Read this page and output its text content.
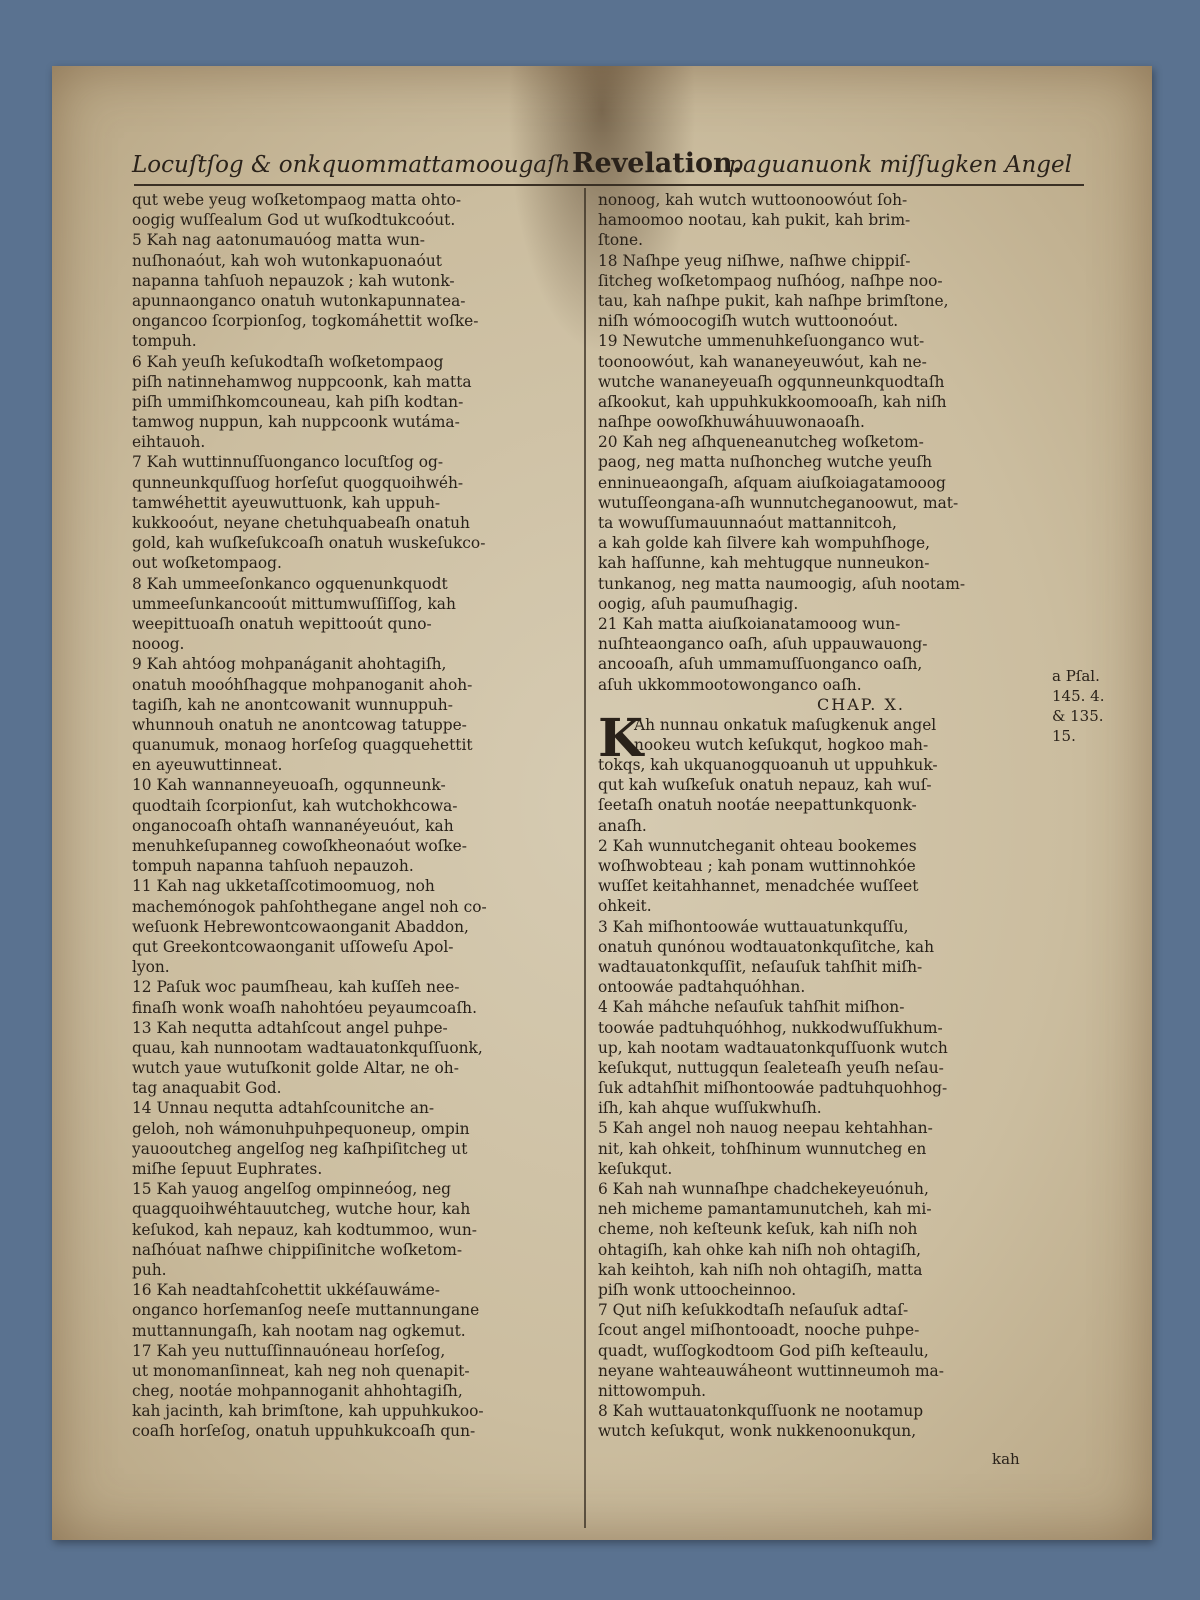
Locuſtſog & onkquommattamoougaſh Revelation.
paguanuonk miſſugken Angel
qut webe yeug woſketompaog matta ohto-
oogig wuſſealum God ut wuſkodtukcoóut.
5 Kah nag aatonumauóog matta wun-
nuſhonaóut, kah woh wutonkapuonaóut
napanna tahſuoh nepauzok ; kah wutonk-
apunnaonganco onatuh wutonkapunnatea-
ongancoo ſcorpionſog, togkomáhettit woſke-
tompuh.
6 Kah yeuſh keſukodtaſh woſketompaog
piſh natinnehamwog nuppcoonk, kah matta
piſh ummiſhkomcouneau, kah piſh kodtan-
tamwog nuppun, kah nuppcoonk wutáma-
eihtauoh.
7 Kah wuttinnuſſuonganco locuſtſog og-
qunneunkquſſuog horſeſut quogquoihwéh-
tamwéhettit ayeuwuttuonk, kah uppuh-
kukkooóut, neyane chetuhquabeaſh onatuh
gold, kah wuſkeſukcoaſh onatuh wuskeſukco-
out woſketompaog.
8 Kah ummeeſonkanco ogquenunkquodt
ummeeſunkancooút mittumwuſſiſſog, kah
weepittuoaſh onatuh wepittooút quno-
nooog.
9 Kah ahtóog mohpanáganit ahohtagiſh,
onatuh mooóhſhagque mohpanoganit ahoh-
tagiſh, kah ne anontcowanit wunnuppuh-
whunnouh onatuh ne anontcowag tatuppe-
quanumuk, monaog horſeſog quagquehettit
en ayeuwuttinneat.
10 Kah wannanneyeuoaſh, ogqunneunk-
quodtaih ſcorpionſut, kah wutchokhcowa-
onganocoaſh ohtaſh wannanéyeuóut, kah
menuhkeſupanneg cowoſkheonaóut woſke-
tompuh napanna tahſuoh nepauzoh.
11 Kah nag ukketaſſcotimoomuog, noh
machemónogok pahſohthegane angel noh co-
weſuonk Hebrewontcowaonganit Abaddon,
qut Greekontcowaonganit uſſoweſu Apol-
lyon.
12 Paſuk woc paumſheau, kah kuſſeh nee-
finaſh wonk woaſh nahohtóeu peyaumcoaſh.
13 Kah nequtta adtahſcout angel puhpe-
quau, kah nunnootam wadtauatonkquſſuonk,
wutch yaue wutuſkonit golde Altar, ne oh-
tag anaquabit God.
14 Unnau nequtta adtahſcounitche an-
geloh, noh wámonuhpuhpequoneup, ompin
yauooutcheg angelſog neg kaſhpiſitcheg ut
miſhe ſepuut Euphrates.
15 Kah yauog angelſog ompinneóog, neg
quagquoihwéhtauutcheg, wutche hour, kah
keſukod, kah nepauz, kah kodtummoo, wun-
naſhóuat naſhwe chippiſinitche woſketom-
puh.
16 Kah neadtahſcohettit ukkéſauwáme-
onganco horſemanſog neeſe muttannungane
muttannungaſh, kah nootam nag ogkemut.
17 Kah yeu nuttuſſinnauóneau horſeſog,
ut monomanſinneat, kah neg noh quenapit-
cheg, nootáe mohpannoganit ahhohtagiſh,
kah jacinth, kah brimſtone, kah uppuhkukoo-
coaſh horſeſog, onatuh uppuhkukcoaſh qun-
nonoog, kah wutch wuttoonoowóut ſoh-
hamoomoo nootau, kah pukit, kah brim-
ſtone.
18 Naſhpe yeug niſhwe, naſhwe chippiſ-
ſitcheg woſketompaog nuſhóog, naſhpe noo-
tau, kah naſhpe pukit, kah naſhpe brimſtone,
niſh wómoocogiſh wutch wuttoonoóut.
19 Newutche ummenuhkeſuonganco wut-
toonoowóut, kah wananeyeuwóut, kah ne-
wutche wananeyeuaſh ogqunneunkquodtaſh
aſkookut, kah uppuhkukkoomooaſh, kah niſh
naſhpe oowoſkhuwáhuuwonaoaſh.
20 Kah neg aſhqueneanutcheg woſketom-
paog, neg matta nuſhoncheg wutche yeuſh
enninueaongaſh, aſquam aiuſkoiagatamooog
wutuſſeongana-aſh wunnutcheganoowut, mat-
ta wowuſſumauunnaóut mattannitcoh,
a kah golde kah ſilvere kah wompuhſhoge,
kah haſſunne, kah mehtugque nunneukon-
tunkanog, neg matta naumoogig, aſuh nootam-
oogig, aſuh paumuſhagig.
21 Kah matta aiuſkoianatamooog wun-
nuſhteaonganco oaſh, aſuh uppauwauong-
ancooaſh, aſuh ummamuſſuonganco oaſh,
aſuh ukkommootowonganco oaſh.
CHAP. X.
K
Ah nunnau onkatuk maſugkenuk angel
nookeu wutch keſukqut, hogkoo mah-
tokqs, kah ukquanogquoanuh ut uppuhkuk-
qut kah wuſkeſuk onatuh nepauz, kah wuſ-
ſeetaſh onatuh nootáe neepattunkquonk-
anaſh.
2 Kah wunnutcheganit ohteau bookemes
woſhwobteau ; kah ponam wuttinnohkóe
wuſſet keitahhannet, menadchée wuſſeet
ohkeit.
3 Kah miſhontoowáe wuttauatunkquſſu,
onatuh qunónou wodtauatonkquſitche, kah
wadtauatonkquſſit, neſauſuk tahſhit miſh-
ontoowáe padtahquóhhan.
4 Kah máhche neſauſuk tahſhit miſhon-
toowáe padtuhquóhhog, nukkodwuſſukhum-
up, kah nootam wadtauatonkquſſuonk wutch
keſukqut, nuttugqun ſealeteaſh yeuſh neſau-
ſuk adtahſhit miſhontoowáe padtuhquohhog-
iſh, kah ahque wuſſukwhuſh.
5 Kah angel noh nauog neepau kehtahhan-
nit, kah ohkeit, tohſhinum wunnutcheg en
keſukqut.
6 Kah nah wunnaſhpe chadchekeyeuónuh,
neh micheme pamantamunutcheh, kah mi-
cheme, noh keſteunk keſuk, kah niſh noh
ohtagiſh, kah ohke kah niſh noh ohtagiſh,
kah keihtoh, kah niſh noh ohtagiſh, matta
piſh wonk uttoocheinnoo.
7 Qut niſh keſukkodtaſh neſauſuk adtaſ-
ſcout angel miſhontooadt, nooche puhpe-
quadt, wuſſogkodtoom God piſh keſteaulu,
neyane wahteauwáheont wuttinneumoh ma-
nittowompuh.
8 Kah wuttauatonkquſſuonk ne nootamup
wutch keſukqut, wonk nukkenoonukqun,
a Pſal.
145. 4.
& 135.
15.
kah
